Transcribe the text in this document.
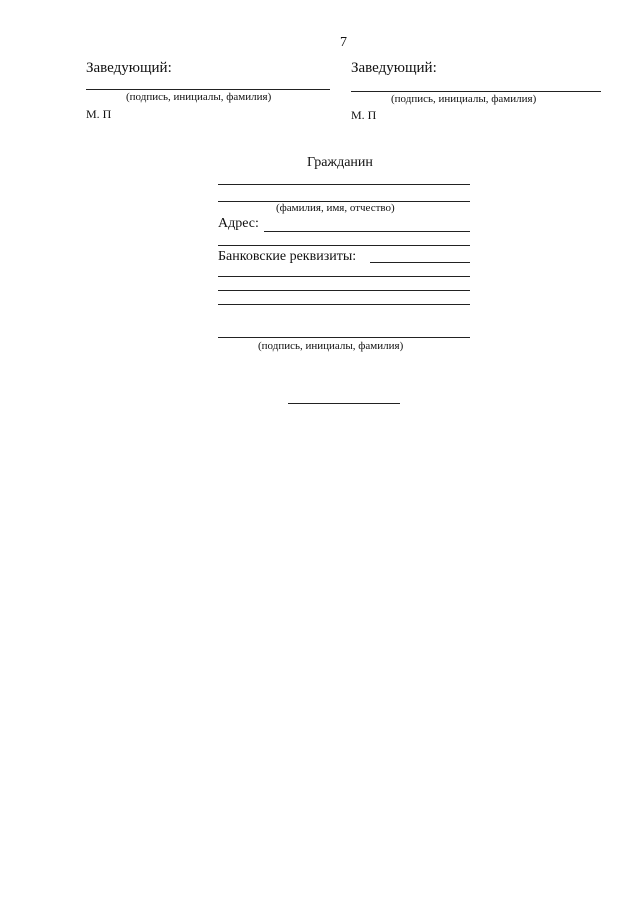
7
Заведующий:
(подпись, инициалы, фамилия)
М. П
Заведующий:
(подпись, инициалы, фамилия)
М. П
Гражданин
(фамилия, имя, отчество)
Адрес:
Банковские реквизиты:
(подпись, инициалы, фамилия)
